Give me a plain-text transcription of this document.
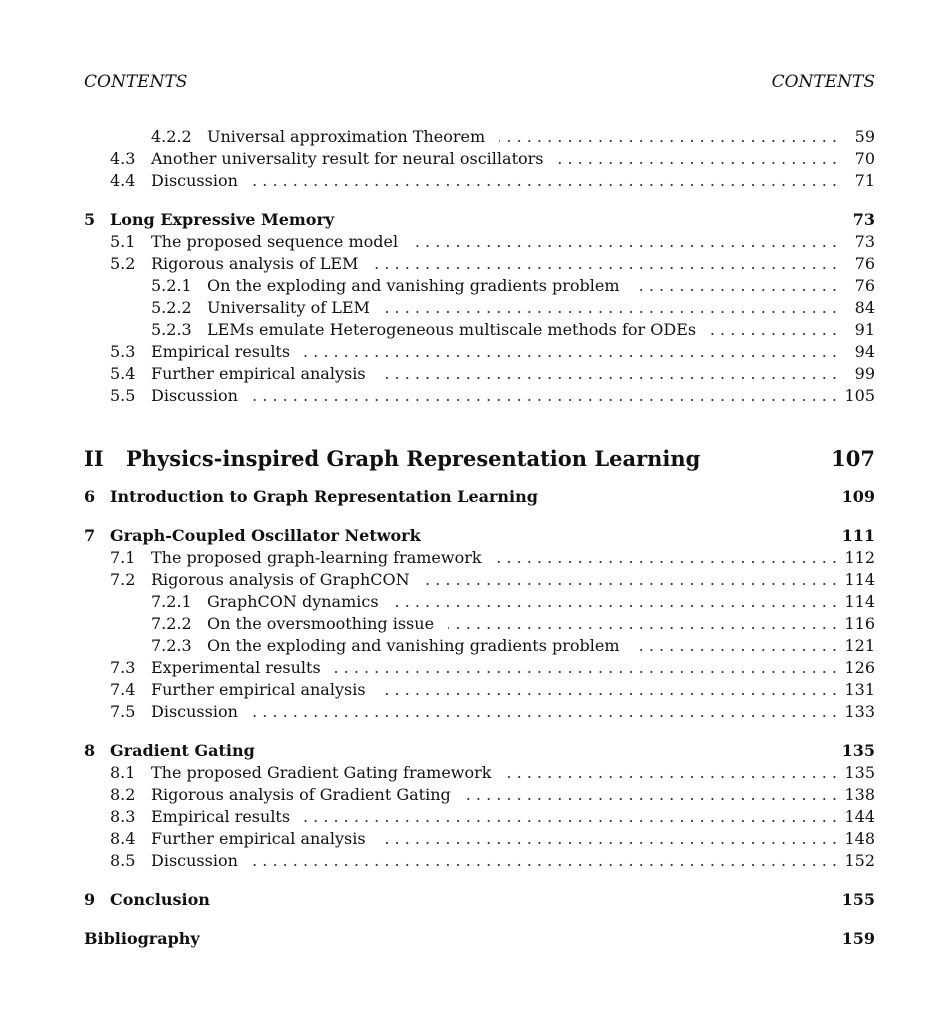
CONTENTS	CONTENTS
4.2.2 Universal approximation Theorem . . .	59
4.3 Another universality result for neural oscillators . . .	70
4.4 Discussion . . .	71
5 Long Expressive Memory	73
5.1 The proposed sequence model . . .	73
5.2 Rigorous analysis of LEM . . .	76
5.2.1 On the exploding and vanishing gradients problem . . .	76
5.2.2 Universality of LEM . . .	84
5.2.3 LEMs emulate Heterogeneous multiscale methods for ODEs . . .	91
5.3 Empirical results . . .	94
5.4 Further empirical analysis . . .	99
5.5 Discussion . . .	105
II Physics-inspired Graph Representation Learning	107
6 Introduction to Graph Representation Learning	109
7 Graph-Coupled Oscillator Network	111
7.1 The proposed graph-learning framework . . .	112
7.2 Rigorous analysis of GraphCON . . .	114
7.2.1 GraphCON dynamics . . .	114
7.2.2 On the oversmoothing issue . . .	116
7.2.3 On the exploding and vanishing gradients problem . . .	121
7.3 Experimental results . . .	126
7.4 Further empirical analysis . . .	131
7.5 Discussion . . .	133
8 Gradient Gating	135
8.1 The proposed Gradient Gating framework . . .	135
8.2 Rigorous analysis of Gradient Gating . . .	138
8.3 Empirical results . . .	144
8.4 Further empirical analysis . . .	148
8.5 Discussion . . .	152
9 Conclusion	155
Bibliography	159
